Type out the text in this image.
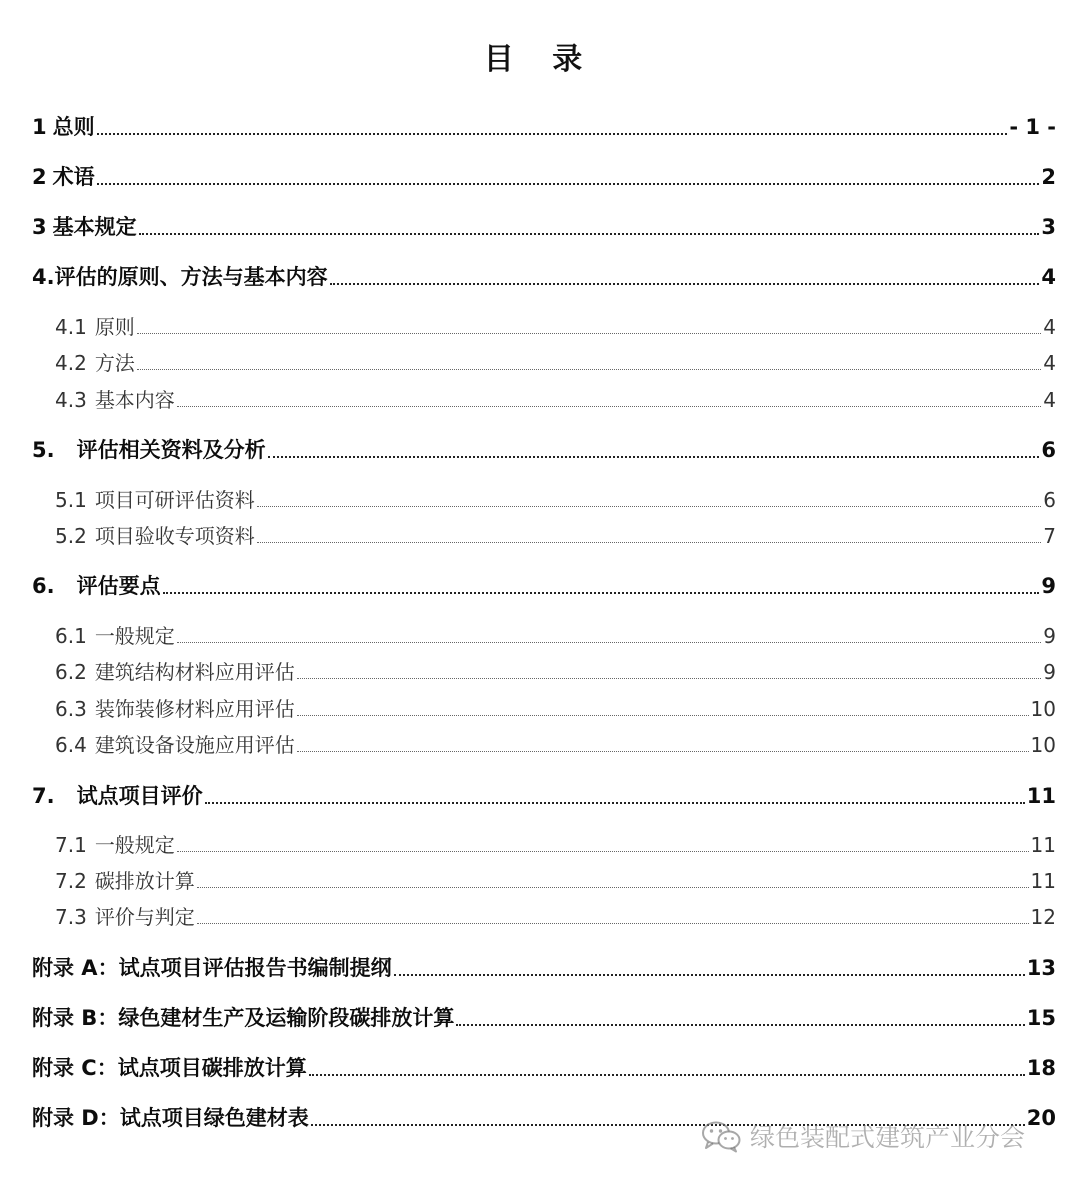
目 录
1 总则	- 1 -
2 术语	2
3 基本规定	3
4. 评估的原则、方法与基本内容	4
4.1 原则	4
4.2 方法	4
4.3 基本内容	4
5. 评估相关资料及分析	6
5.1 项目可研评估资料	6
5.2 项目验收专项资料	7
6. 评估要点	9
6.1 一般规定	9
6.2 建筑结构材料应用评估	9
6.3 装饰装修材料应用评估	10
6.4 建筑设备设施应用评估	10
7. 试点项目评价	11
7.1 一般规定	11
7.2 碳排放计算	11
7.3 评价与判定	12
附录 A： 试点项目评估报告书编制提纲	13
附录 B： 绿色建材生产及运输阶段碳排放计算	15
附录 C： 试点项目碳排放计算	18
附录 D： 试点项目绿色建材表	20
绿色装配式建筑产业分会
